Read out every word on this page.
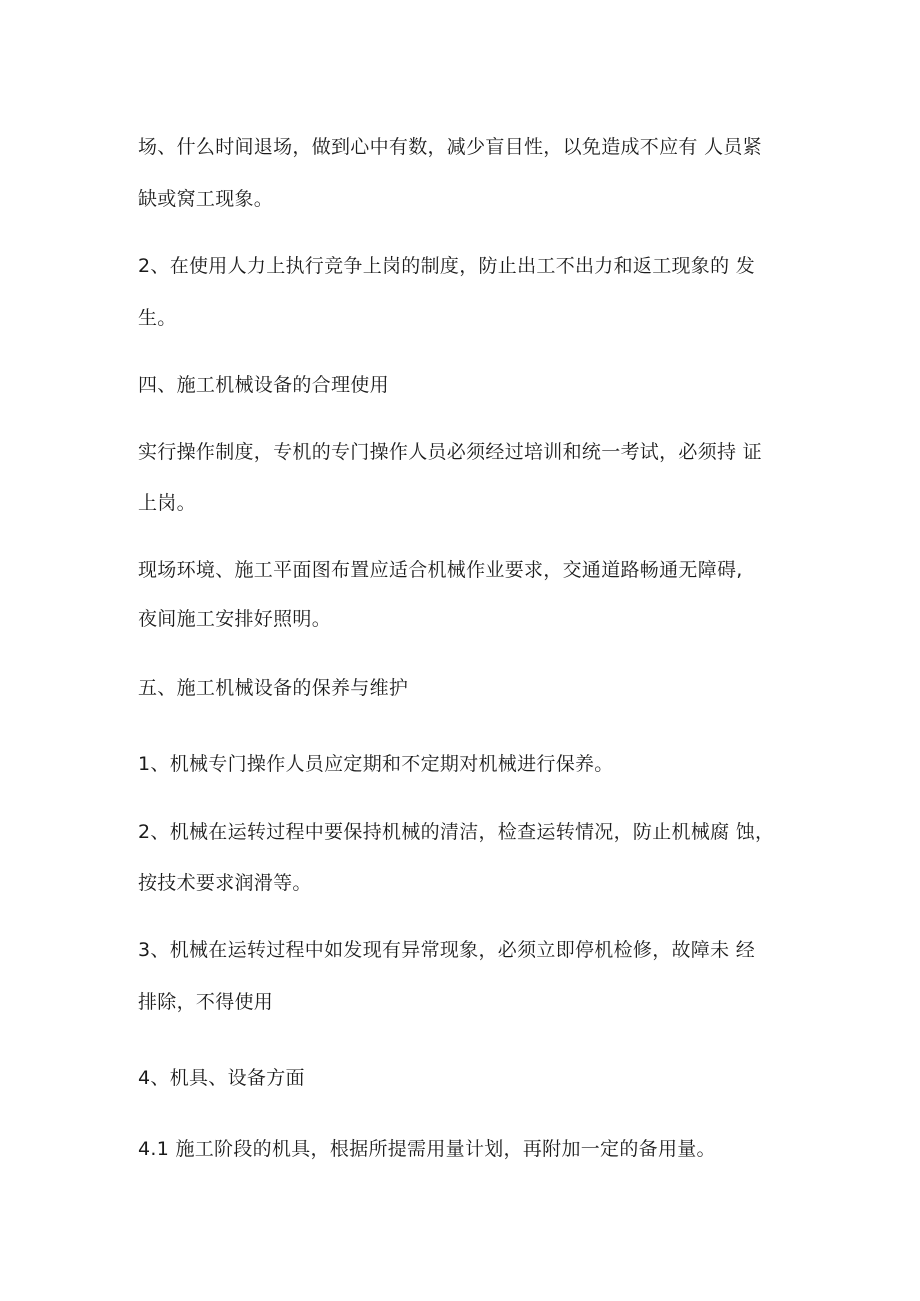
场、什么时间退场，做到心中有数，减少盲目性，以免造成不应有 人员紧
缺或窝工现象。
2、在使用人力上执行竞争上岗的制度，防止出工不出力和返工现象的 发
生。
四、施工机械设备的合理使用
实行操作制度，专机的专门操作人员必须经过培训和统一考试，必须持 证
上岗。
现场环境、施工平面图布置应适合机械作业要求，交通道路畅通无障碍,
夜间施工安排好照明。
五、施工机械设备的保养与维护
1、机械专门操作人员应定期和不定期对机械进行保养。
2、机械在运转过程中要保持机械的清洁，检查运转情况，防止机械腐 蚀，
按技术要求润滑等。
3、机械在运转过程中如发现有异常现象，必须立即停机检修，故障未 经
排除，不得使用
4、机具、设备方面
4.1 施工阶段的机具，根据所提需用量计划，再附加一定的备用量。
